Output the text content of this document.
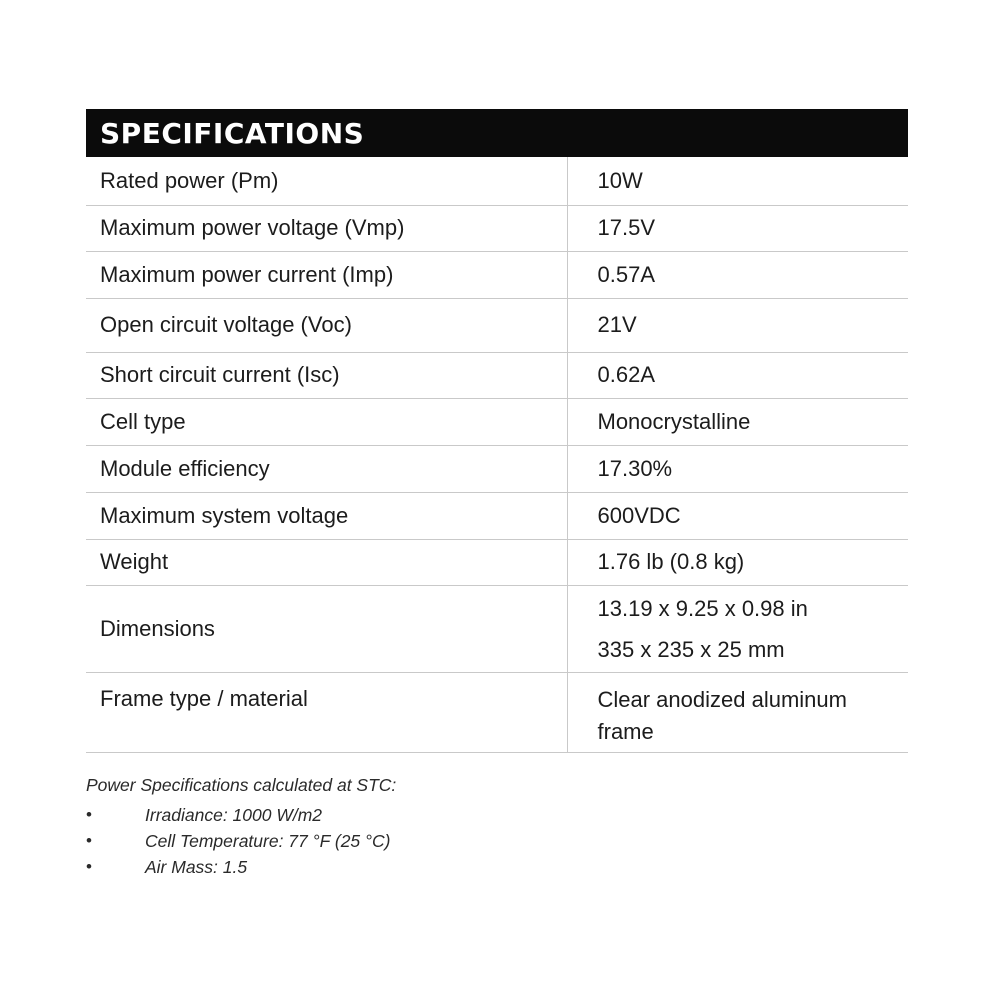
SPECIFICATIONS
Rated power (Pm)	10W

Maximum power voltage (Vmp)	17.5V

Maximum power current (Imp)	0.57A

Open circuit voltage (Voc)	21V

Short circuit current (Isc)	0.62A

Cell type	Monocrystalline

Module efficiency	17.30%

Maximum system voltage	600VDC

Weight	1.76 lb (0.8 kg)

Dimensions	13.19 x 9.25 x 0.98 in
335 x 235 x 25 mm

Frame type / material	Clear anodized aluminum
frame

Power Specifications calculated at STC:

•	Irradiance: 1000 W/m2
•	Cell Temperature: 77 °F (25 °C)
•	Air Mass: 1.5
